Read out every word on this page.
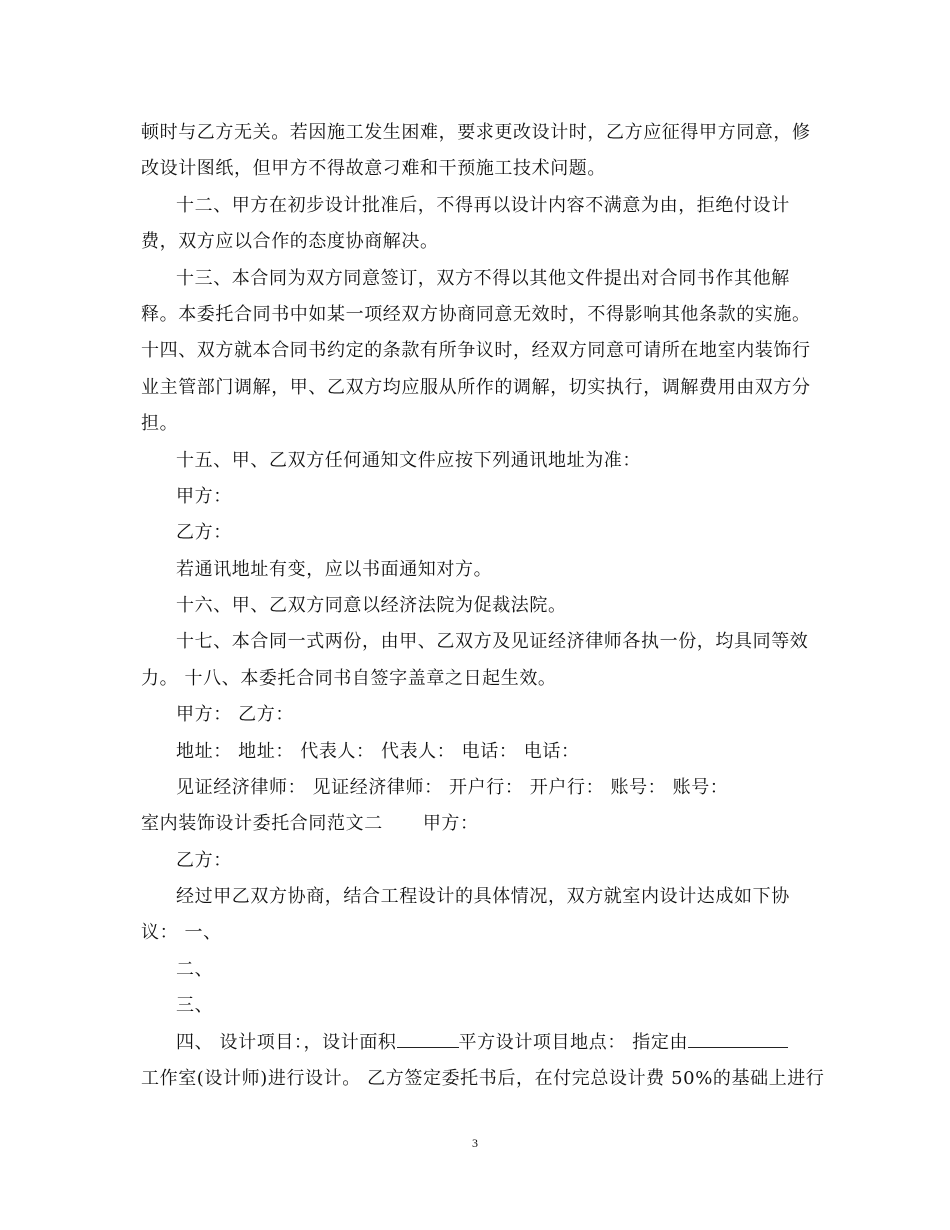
顿时与乙方无关。若因施工发生困难，要求更改设计时，乙方应征得甲方同意，修
改设计图纸，但甲方不得故意刁难和干预施工技术问题。
十二、甲方在初步设计批准后，不得再以设计内容不满意为由，拒绝付设计
费，双方应以合作的态度协商解决。
十三、本合同为双方同意签订，双方不得以其他文件提出对合同书作其他解
释。本委托合同书中如某一项经双方协商同意无效时，不得影响其他条款的实施。
十四、双方就本合同书约定的条款有所争议时，经双方同意可请所在地室内装饰行
业主管部门调解，甲、乙双方均应服从所作的调解，切实执行，调解费用由双方分
担。
十五、甲、乙双方任何通知文件应按下列通讯地址为准：
甲方：
乙方：
若通讯地址有变，应以书面通知对方。
十六、甲、乙双方同意以经济法院为促裁法院。
十七、本合同一式两份，由甲、乙双方及见证经济律师各执一份，均具同等效
力。 十八、本委托合同书自签字盖章之日起生效。
甲方： 乙方：
地址： 地址： 代表人： 代表人： 电话： 电话：
见证经济律师： 见证经济律师： 开户行： 开户行： 账号： 账号：
室内装饰设计委托合同范文二 甲方：
乙方：
经过甲乙双方协商，结合工程设计的具体情况，双方就室内设计达成如下协
议： 一、
二、
三、
四、 设计项目：，设计面积	平方设计项目地点： 指定由
工作室(设计师)进行设计。 乙方签定委托书后，在付完总设计费 50%的基础上进行
3
